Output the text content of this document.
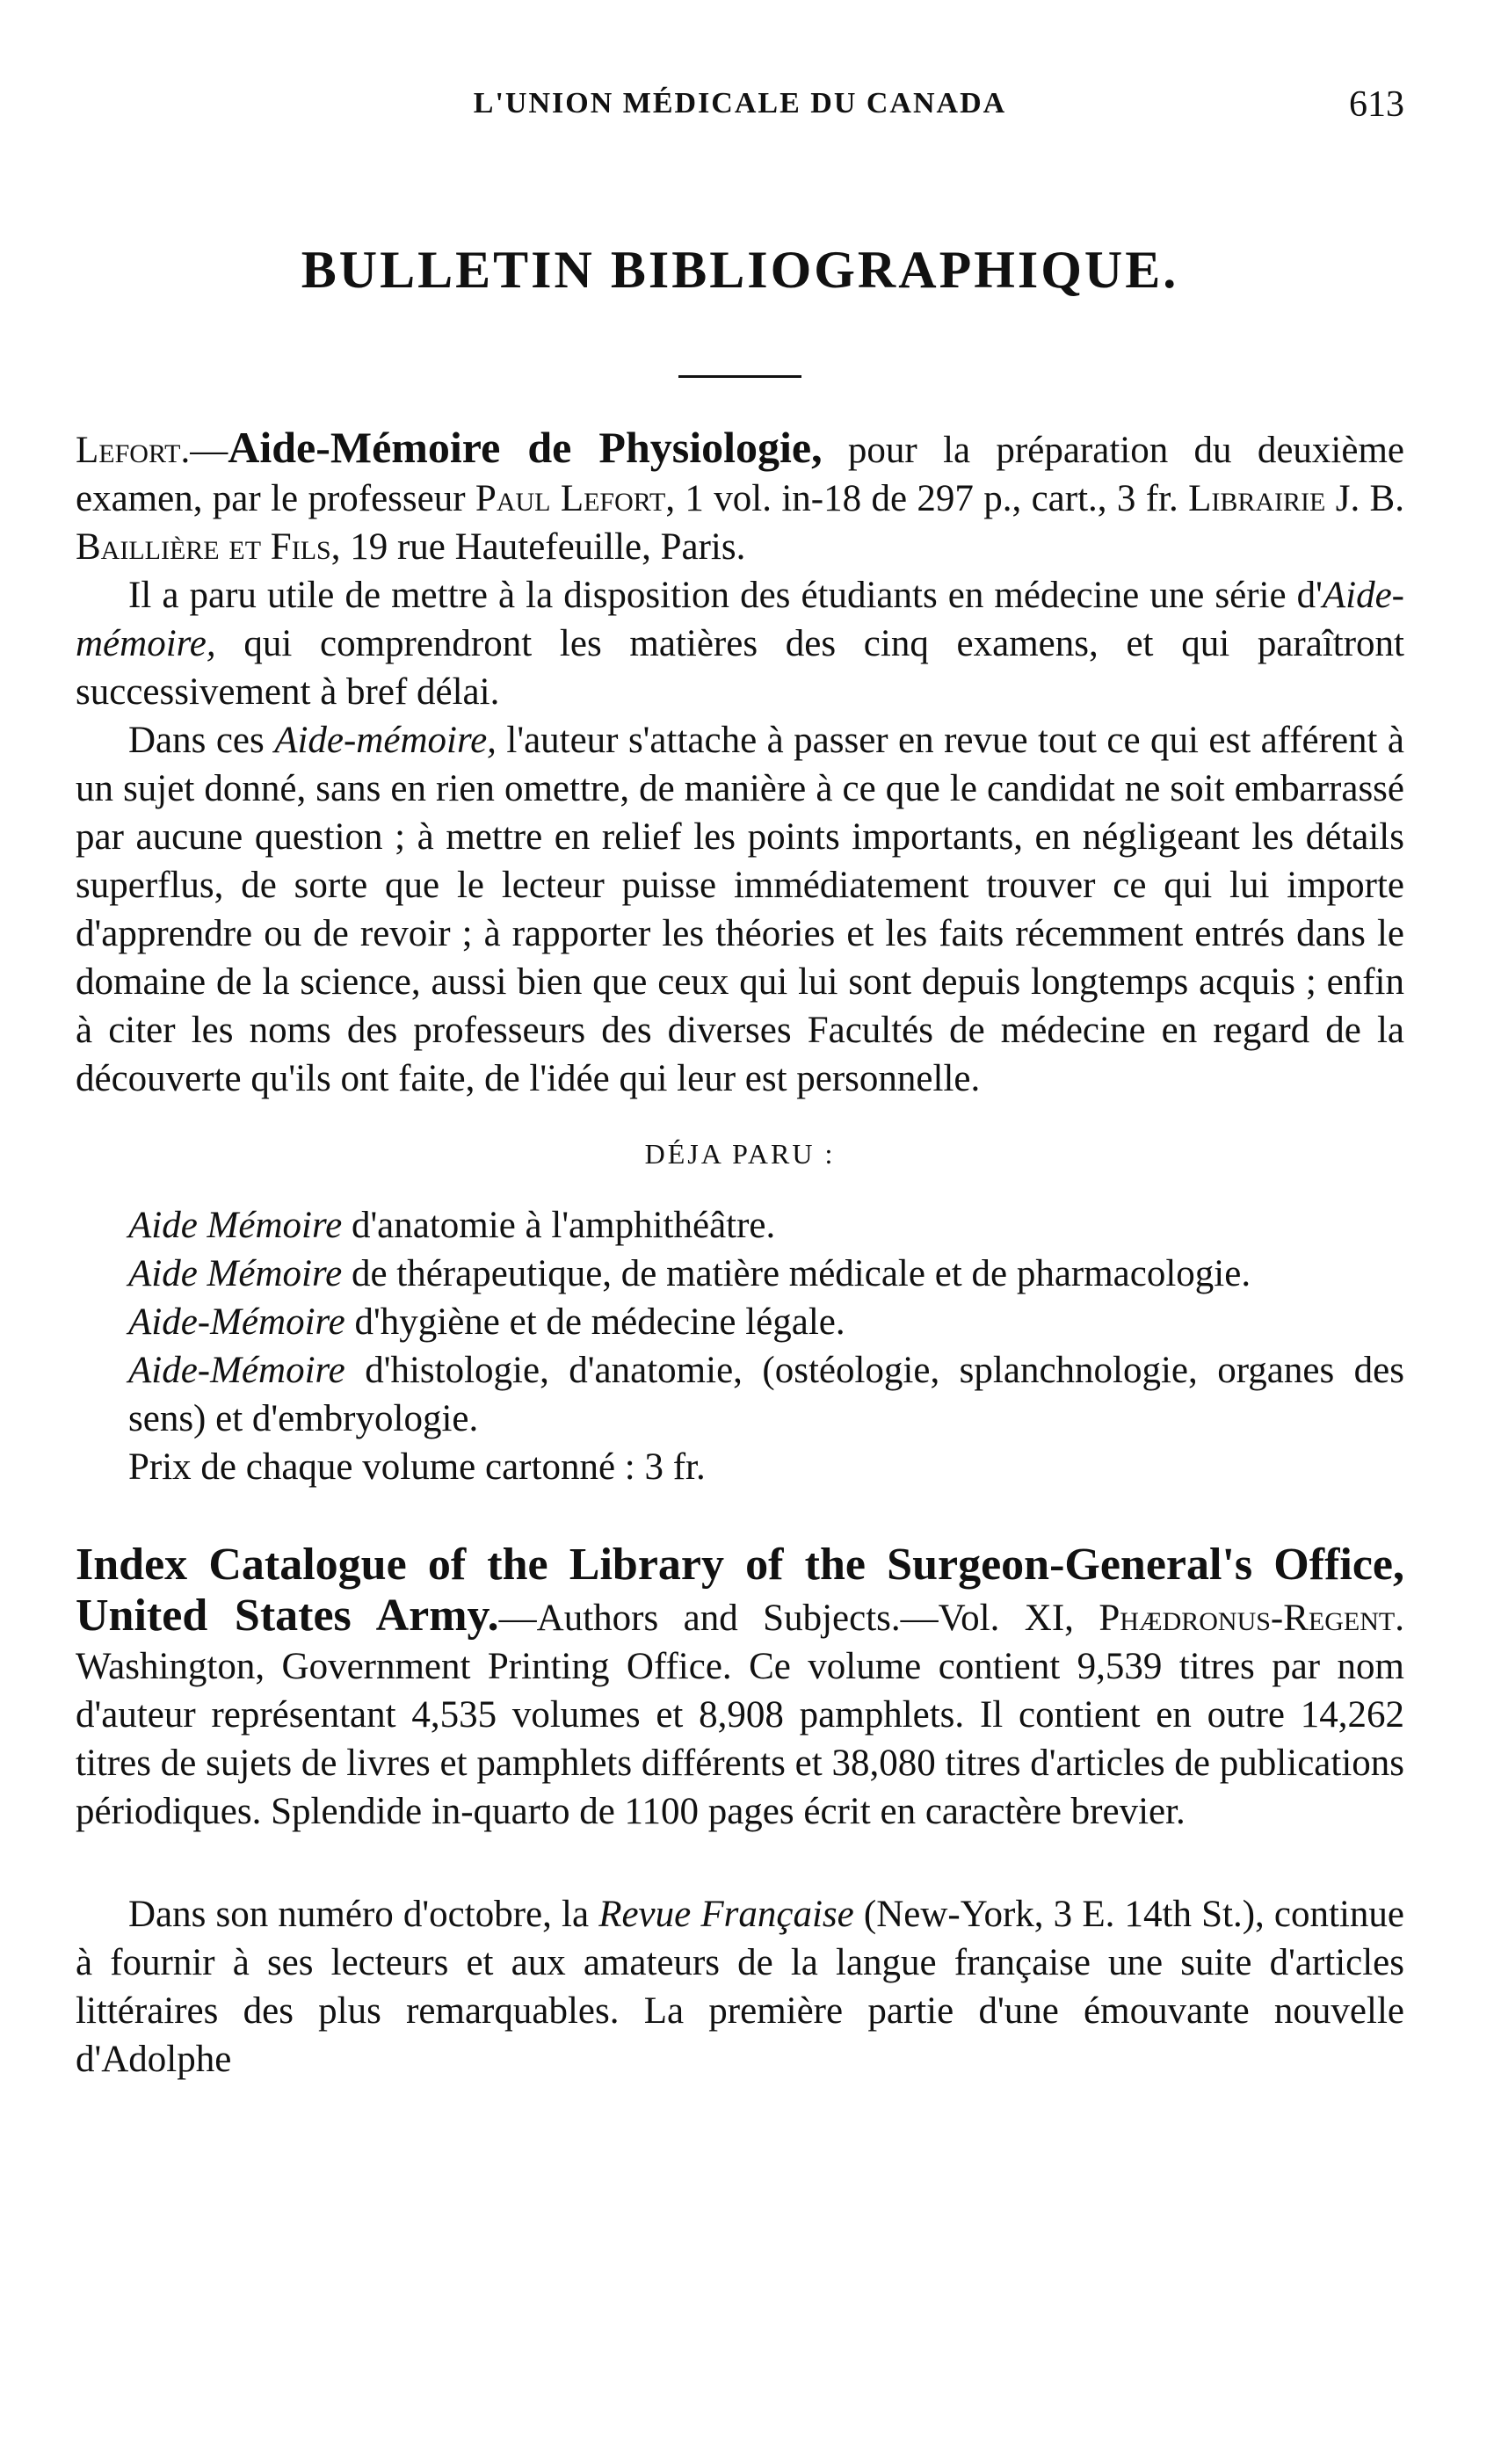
L'UNION MÉDICALE DU CANADA	613
BULLETIN BIBLIOGRAPHIQUE.

Lefort.—Aide-Mémoire de Physiologie, pour la préparation du deuxième examen, par le professeur Paul Lefort, 1 vol. in-18 de 297 p., cart., 3 fr. Librairie J. B. Baillière et Fils, 19 rue Hautefeuille, Paris.

Il a paru utile de mettre à la disposition des étudiants en médecine une série d'Aide-mémoire, qui comprendront les matières des cinq examens, et qui paraîtront successivement à bref délai.

Dans ces Aide-mémoire, l'auteur s'attache à passer en revue tout ce qui est afférent à un sujet donné, sans en rien omettre, de manière à ce que le candidat ne soit embarrassé par aucune question ; à mettre en relief les points importants, en négligeant les détails superflus, de sorte que le lecteur puisse immédiatement trouver ce qui lui importe d'apprendre ou de revoir ; à rapporter les théories et les faits récemment entrés dans le domaine de la science, aussi bien que ceux qui lui sont depuis longtemps acquis ; enfin à citer les noms des professeurs des diverses Facultés de médecine en regard de la découverte qu'ils ont faite, de l'idée qui leur est personnelle.

DÉJA PARU :

Aide Mémoire d'anatomie à l'amphithéâtre.

Aide Mémoire de thérapeutique, de matière médicale et de pharmacologie.

Aide-Mémoire d'hygiène et de médecine légale.

Aide-Mémoire d'histologie, d'anatomie, (ostéologie, splanchnologie, organes des sens) et d'embryologie.

Prix de chaque volume cartonné : 3 fr.

Index Catalogue of the Library of the Surgeon-General's Office, United States Army.—Authors and Subjects.—Vol. XI, Phædronus-Regent. Washington, Government Printing Office. Ce volume contient 9,539 titres par nom d'auteur représentant 4,535 volumes et 8,908 pamphlets. Il contient en outre 14,262 titres de sujets de livres et pamphlets différents et 38,080 titres d'articles de publications périodiques. Splendide in-quarto de 1100 pages écrit en caractère brevier.

Dans son numéro d'octobre, la Revue Française (New-York, 3 E. 14th St.), continue à fournir à ses lecteurs et aux amateurs de la langue française une suite d'articles littéraires des plus remarquables. La première partie d'une émouvante nouvelle d'Adolphe
